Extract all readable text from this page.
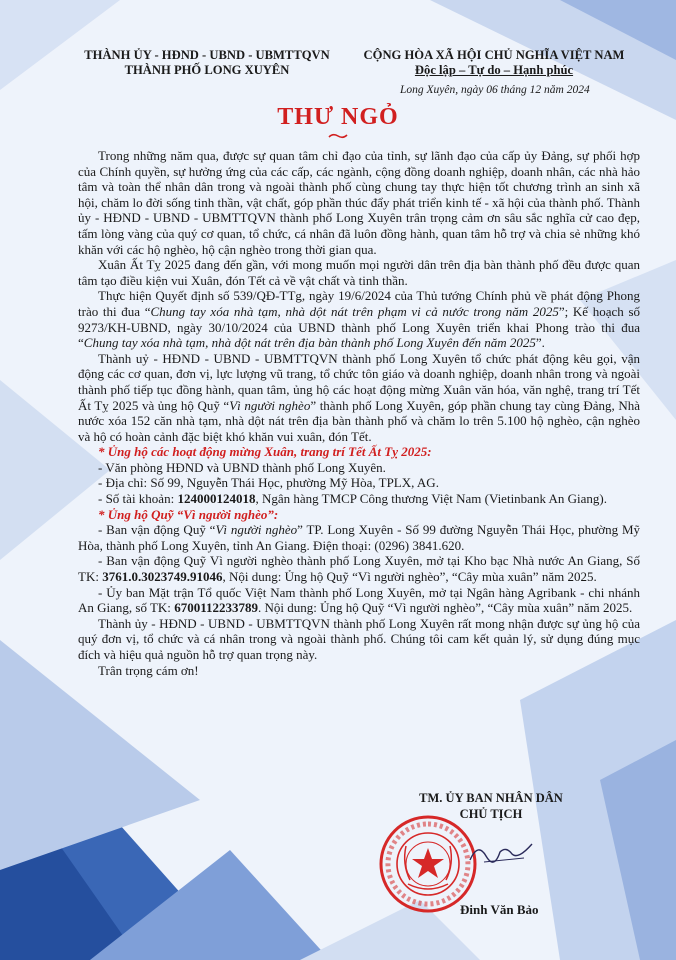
THÀNH ỦY - HĐND - UBND - UBMTTQVN
THÀNH PHỐ LONG XUYÊN
CỘNG HÒA XÃ HỘI CHỦ NGHĨA VIỆT NAM
Độc lập – Tự do – Hạnh phúc
Long Xuyên, ngày 06 tháng 12 năm 2024
THƯ NGỎ

Trong những năm qua, được sự quan tâm chỉ đạo của tỉnh, sự lãnh đạo của cấp ủy Đảng, sự phối hợp của Chính quyền, sự hưởng ứng của các cấp, các ngành, cộng đồng doanh nghiệp, doanh nhân, các nhà hảo tâm và toàn thể nhân dân trong và ngoài thành phố cùng chung tay thực hiện tốt chương trình an sinh xã hội, chăm lo đời sống tinh thần, vật chất, góp phần thúc đẩy phát triển kinh tế - xã hội của thành phố. Thành ủy - HĐND - UBND - UBMTTQVN thành phố Long Xuyên trân trọng cảm ơn sâu sắc nghĩa cử cao đẹp, tấm lòng vàng của quý cơ quan, tổ chức, cá nhân đã luôn đồng hành, quan tâm hỗ trợ và chia sẻ những khó khăn với các hộ nghèo, hộ cận nghèo trong thời gian qua.

Xuân Ất Tỵ 2025 đang đến gần, với mong muốn mọi người dân trên địa bàn thành phố đều được quan tâm tạo điều kiện vui Xuân, đón Tết cả về vật chất và tinh thần.

Thực hiện Quyết định số 539/QĐ-TTg, ngày 19/6/2024 của Thủ tướng Chính phủ về phát động Phong trào thi đua “Chung tay xóa nhà tạm, nhà dột nát trên phạm vi cả nước trong năm 2025”; Kế hoạch số 9273/KH-UBND, ngày 30/10/2024 của UBND thành phố Long Xuyên triển khai Phong trào thi đua “Chung tay xóa nhà tạm, nhà dột nát trên địa bàn thành phố Long Xuyên đến năm 2025”.

Thành uỷ - HĐND - UBND - UBMTTQVN thành phố Long Xuyên tổ chức phát động kêu gọi, vận động các cơ quan, đơn vị, lực lượng vũ trang, tổ chức tôn giáo và doanh nghiệp, doanh nhân trong và ngoài thành phố tiếp tục đồng hành, quan tâm, ủng hộ các hoạt động mừng Xuân văn hóa, văn nghệ, trang trí Tết Ất Tỵ 2025 và ủng hộ Quỹ “Vì người nghèo” thành phố Long Xuyên, góp phần chung tay cùng Đảng, Nhà nước xóa 152 căn nhà tạm, nhà dột nát trên địa bàn thành phố và chăm lo trên 5.100 hộ nghèo, cận nghèo và hộ có hoàn cảnh đặc biệt khó khăn vui xuân, đón Tết.

* Ủng hộ các hoạt động mừng Xuân, trang trí Tết Ất Tỵ 2025:

- Văn phòng HĐND và UBND thành phố Long Xuyên.

- Địa chỉ: Số 99, Nguyễn Thái Học, phường Mỹ Hòa, TPLX, AG.

- Số tài khoản: 124000124018, Ngân hàng TMCP Công thương Việt Nam (Vietinbank An Giang).

* Ủng hộ Quỹ “Vì người nghèo”:

- Ban vận động Quỹ “Vì người nghèo” TP. Long Xuyên - Số 99 đường Nguyễn Thái Học, phường Mỹ Hòa, thành phố Long Xuyên, tỉnh An Giang. Điện thoại: (0296) 3841.620.

- Ban vận động Quỹ Vì người nghèo thành phố Long Xuyên, mở tại Kho bạc Nhà nước An Giang, Số TK: 3761.0.3023749.91046, Nội dung: Ủng hộ Quỹ “Vì người nghèo”, “Cây mùa xuân” năm 2025.

- Ủy ban Mặt trận Tổ quốc Việt Nam thành phố Long Xuyên, mở tại Ngân hàng Agribank - chi nhánh An Giang, số TK: 6700112233789. Nội dung: Ủng hộ Quỹ “Vì người nghèo”, “Cây mùa xuân” năm 2025.

Thành ủy - HĐND - UBND - UBMTTQVN thành phố Long Xuyên rất mong nhận được sự ủng hộ của quý đơn vị, tổ chức và cá nhân trong và ngoài thành phố. Chúng tôi cam kết quản lý, sử dụng đúng mục đích và hiệu quả nguồn hỗ trợ quan trọng này.

Trân trọng cám ơn!

TM. ỦY BAN NHÂN DÂN
CHỦ TỊCH
Đinh Văn Bảo
